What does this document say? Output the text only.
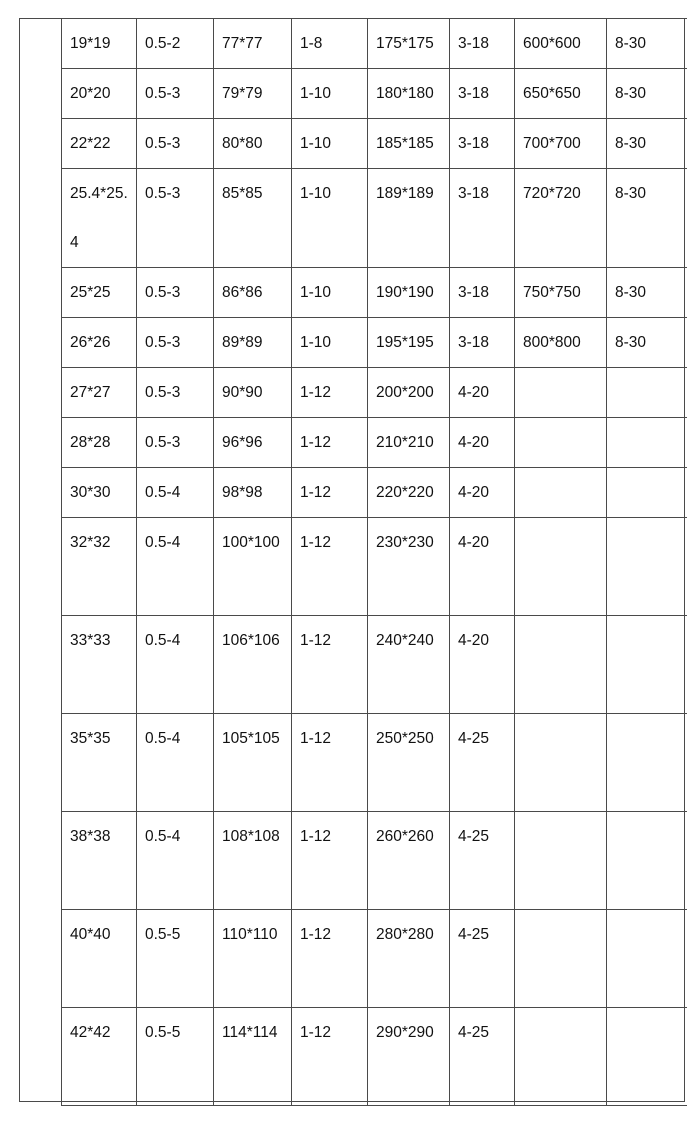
19*19	0.5-2	77*77	1-8	175*175	3-18	600*600	8-30

20*20	0.5-3	79*79	1-10	180*180	3-18	650*650	8-30

22*22	0.5-3	80*80	1-10	185*185	3-18	700*700	8-30

25.4*25.4	0.5-3	85*85	1-10	189*189	3-18	720*720	8-30

25*25	0.5-3	86*86	1-10	190*190	3-18	750*750	8-30

26*26	0.5-3	89*89	1-10	195*195	3-18	800*800	8-30

27*27	0.5-3	90*90	1-12	200*200	4-20		

28*28	0.5-3	96*96	1-12	210*210	4-20		

30*30	0.5-4	98*98	1-12	220*220	4-20		

32*32	0.5-4	100*100	1-12	230*230	4-20		

33*33	0.5-4	106*106	1-12	240*240	4-20		

35*35	0.5-4	105*105	1-12	250*250	4-25		

38*38	0.5-4	108*108	1-12	260*260	4-25		

40*40	0.5-5	110*110	1-12	280*280	4-25		

42*42	0.5-5	114*114	1-12	290*290	4-25		
